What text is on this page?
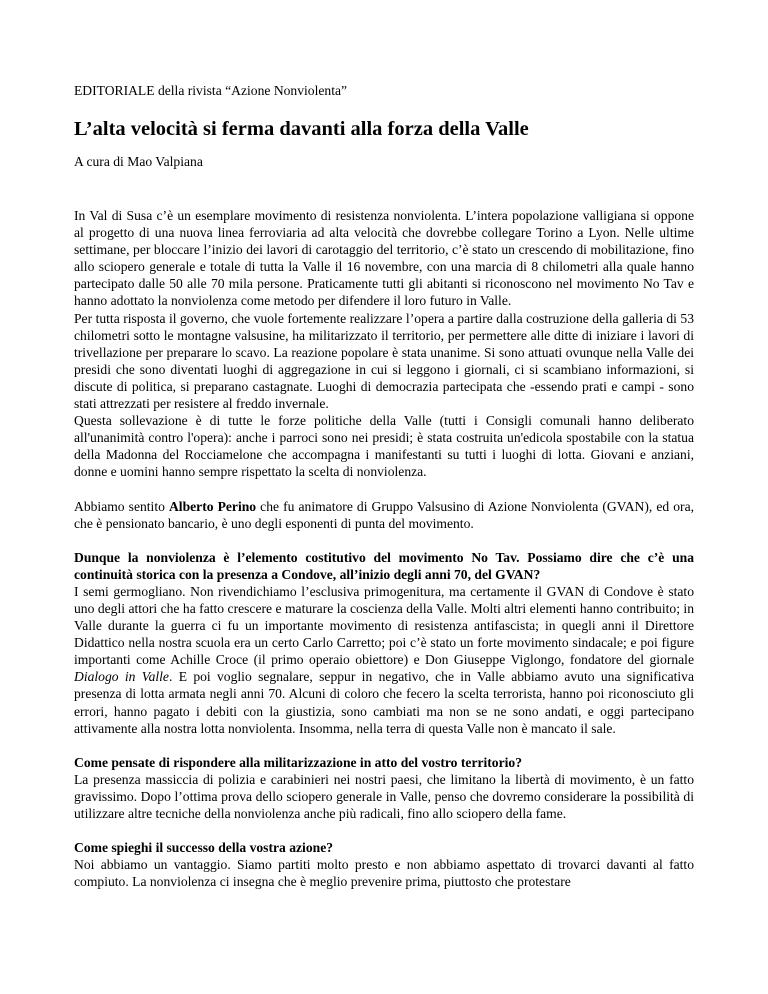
EDITORIALE della rivista “Azione Nonviolenta”
L’alta velocità si ferma davanti alla forza della Valle
A cura di Mao Valpiana

In Val di Susa c’è un esemplare movimento di resistenza nonviolenta. L’intera popolazione valligiana si oppone al progetto di una nuova linea ferroviaria ad alta velocità che dovrebbe collegare Torino a Lyon. Nelle ultime settimane, per bloccare l’inizio dei lavori di carotaggio del territorio, c’è stato un crescendo di mobilitazione, fino allo sciopero generale e totale di tutta la Valle il 16 novembre, con una marcia di 8 chilometri alla quale hanno partecipato dalle 50 alle 70 mila persone. Praticamente tutti gli abitanti si riconoscono nel movimento No Tav e hanno adottato la nonviolenza come metodo per difendere il loro futuro in Valle.

Per tutta risposta il governo, che vuole fortemente realizzare l’opera a partire dalla costruzione della galleria di 53 chilometri sotto le montagne valsusine, ha militarizzato il territorio, per permettere alle ditte di iniziare i lavori di trivellazione per preparare lo scavo. La reazione popolare è stata unanime. Si sono attuati ovunque nella Valle dei presidi che sono diventati luoghi di aggregazione in cui si leggono i giornali, ci si scambiano informazioni, si discute di politica, si preparano castagnate. Luoghi di democrazia partecipata che -essendo prati e campi - sono stati attrezzati per resistere al freddo invernale.

Questa sollevazione è di tutte le forze politiche della Valle (tutti i Consigli comunali hanno deliberato all'unanimità contro l'opera): anche i parroci sono nei presidi; è stata costruita un'edicola spostabile con la statua della Madonna del Rocciamelone che accompagna i manifestanti su tutti i luoghi di lotta. Giovani e anziani, donne e uomini hanno sempre rispettato la scelta di nonviolenza.

Abbiamo sentito Alberto Perino che fu animatore di Gruppo Valsusino di Azione Nonviolenta (GVAN), ed ora, che è pensionato bancario, è uno degli esponenti di punta del movimento.

Dunque la nonviolenza è l’elemento costitutivo del movimento No Tav. Possiamo dire che c’è una continuità storica con la presenza a Condove, all’inizio degli anni 70, del GVAN?

I semi germogliano. Non rivendichiamo l’esclusiva primogenitura, ma certamente il GVAN di Condove è stato uno degli attori che ha fatto crescere e maturare la coscienza della Valle. Molti altri elementi hanno contribuito; in Valle durante la guerra ci fu un importante movimento di resistenza antifascista; in quegli anni il Direttore Didattico nella nostra scuola era un certo Carlo Carretto; poi c’è stato un forte movimento sindacale; e poi figure importanti come Achille Croce (il primo operaio obiettore) e Don Giuseppe Viglongo, fondatore del giornale Dialogo in Valle. E poi voglio segnalare, seppur in negativo, che in Valle abbiamo avuto una significativa presenza di lotta armata negli anni 70. Alcuni di coloro che fecero la scelta terrorista, hanno poi riconosciuto gli errori, hanno pagato i debiti con la giustizia, sono cambiati ma non se ne sono andati, e oggi partecipano attivamente alla nostra lotta nonviolenta. Insomma, nella terra di questa Valle non è mancato il sale.

Come pensate di rispondere alla militarizzazione in atto del vostro territorio?

La presenza massiccia di polizia e carabinieri nei nostri paesi, che limitano la libertà di movimento, è un fatto gravissimo. Dopo l’ottima prova dello sciopero generale in Valle, penso che dovremo considerare la possibilità di utilizzare altre tecniche della nonviolenza anche più radicali, fino allo sciopero della fame.

Come spieghi il successo della vostra azione?

Noi abbiamo un vantaggio. Siamo partiti molto presto e non abbiamo aspettato di trovarci davanti al fatto compiuto. La nonviolenza ci insegna che è meglio prevenire prima, piuttosto che protestare
